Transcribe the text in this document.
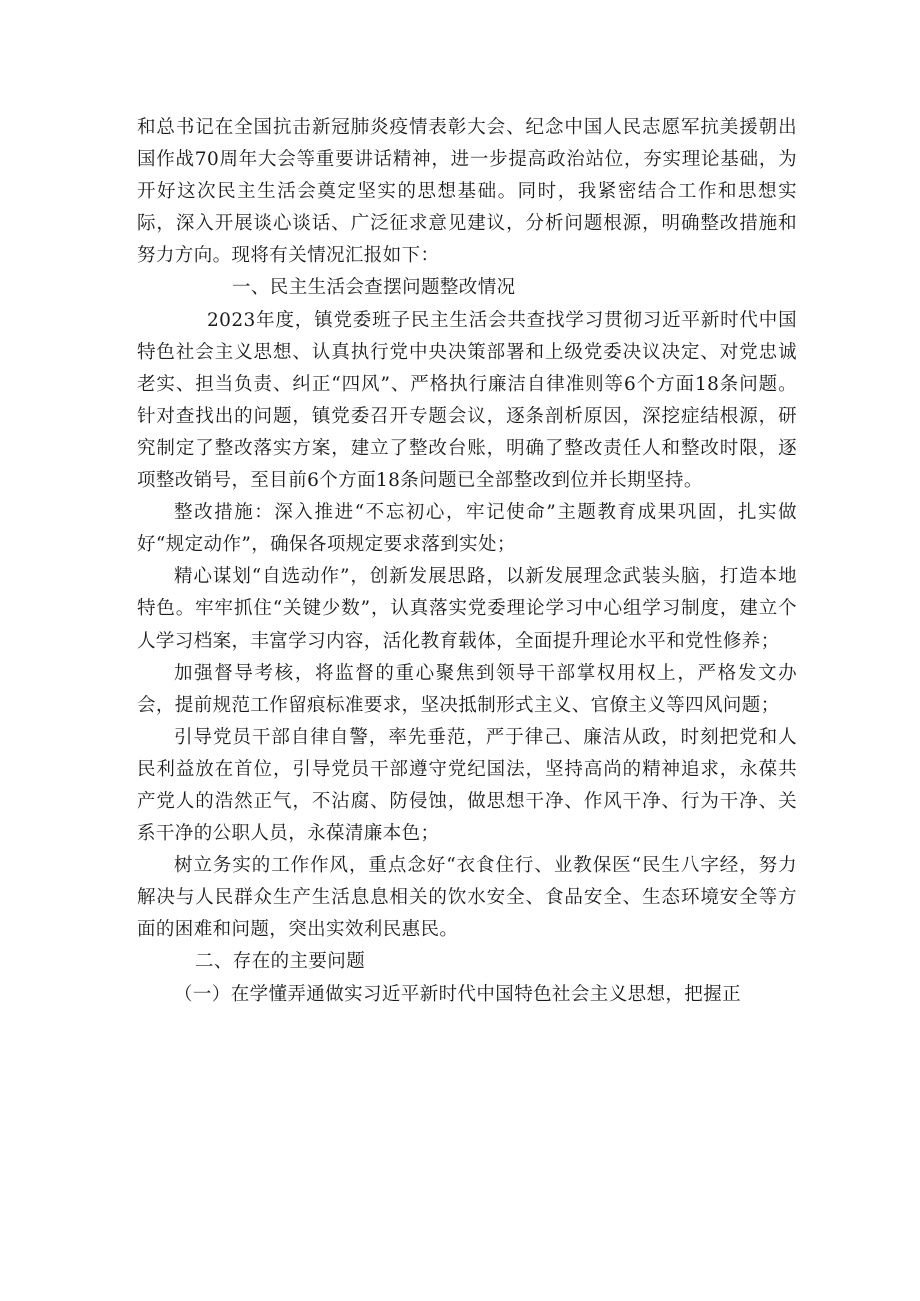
和总书记在全国抗击新冠肺炎疫情表彰大会、纪念中国人民志愿军抗美援朝出国作战70周年大会等重要讲话精神，进一步提高政治站位，夯实理论基础，为开好这次民主生活会奠定坚实的思想基础。同时，我紧密结合工作和思想实际，深入开展谈心谈话、广泛征求意见建议，分析问题根源，明确整改措施和努力方向。现将有关情况汇报如下：

一、民主生活会查摆问题整改情况

2023年度，镇党委班子民主生活会共查找学习贯彻习近平新时代中国特色社会主义思想、认真执行党中央决策部署和上级党委决议决定、对党忠诚老实、担当负责、纠正“四风”、严格执行廉洁自律准则等6个方面18条问题。针对查找出的问题，镇党委召开专题会议，逐条剖析原因，深挖症结根源，研究制定了整改落实方案，建立了整改台账，明确了整改责任人和整改时限，逐项整改销号，至目前6个方面18条问题已全部整改到位并长期坚持。

整改措施：深入推进“不忘初心，牢记使命”主题教育成果巩固，扎实做好“规定动作”，确保各项规定要求落到实处；

精心谋划“自选动作”，创新发展思路，以新发展理念武装头脑，打造本地特色。牢牢抓住“关键少数”，认真落实党委理论学习中心组学习制度，建立个人学习档案，丰富学习内容，活化教育载体，全面提升理论水平和党性修养；

加强督导考核，将监督的重心聚焦到领导干部掌权用权上，严格发文办会，提前规范工作留痕标准要求，坚决抵制形式主义、官僚主义等四风问题；

引导党员干部自律自警，率先垂范，严于律己、廉洁从政，时刻把党和人民利益放在首位，引导党员干部遵守党纪国法，坚持高尚的精神追求，永葆共产党人的浩然正气，不沾腐、防侵蚀，做思想干净、作风干净、行为干净、关系干净的公职人员，永葆清廉本色；

树立务实的工作作风，重点念好“衣食住行、业教保医“民生八字经，努力解决与人民群众生产生活息息相关的饮水安全、食品安全、生态环境安全等方面的困难和问题，突出实效利民惠民。

二、存在的主要问题

（一）在学懂弄通做实习近平新时代中国特色社会主义思想，把握正
